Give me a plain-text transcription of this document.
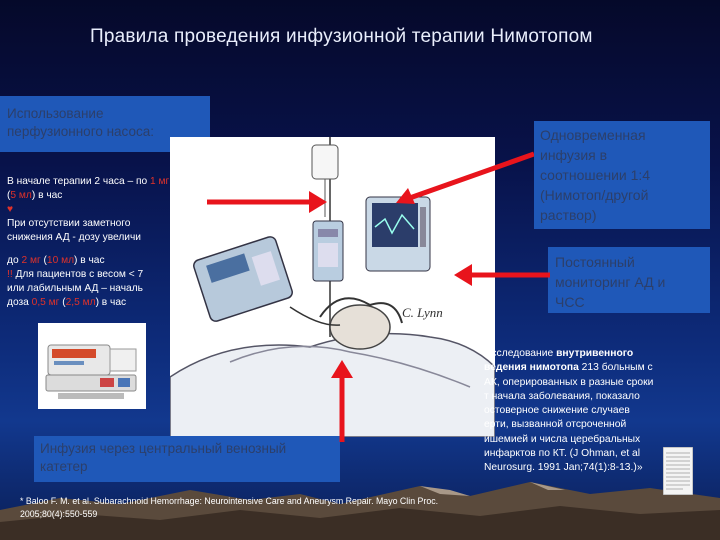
Правила проведения инфузионной терапии Нимотопом
Использование
перфузионного насоса:

В начале терапии 2 часа – по 1 мг

(5 мл) в час

♥

При отсутствии заметного

снижения АД - дозу увеличи

до 2 мг (10 мл) в час

!! Для пациентов с весом < 7

или лабильным АД – началь

доза 0,5 мг (2,5 мл) в час

C. Lynn
Одновременная
инфузия в
соотношении 1:4
(Нимотоп/другой
раствор)
Постоянный
мониторинг АД и
ЧСС
Инфузия через центральный венозный
катетер
Исследование внутривенного
ведения нимотопа 213 больным с
АК, оперированных в разные сроки
т начала заболевания, показало
остоверное снижение случаев
ерти, вызванной отсроченной
ишемией и числа церебральных
инфарктов по КТ. (J Ohman, et al
Neurosurg. 1991 Jan;74(1):8-13.)»
* Baloo F. M. et al. Subarachnoid Hemorrhage: Neurointensive Care and Aneurysm Repair. Mayo Clin Proc.
2005;80(4):550-559
